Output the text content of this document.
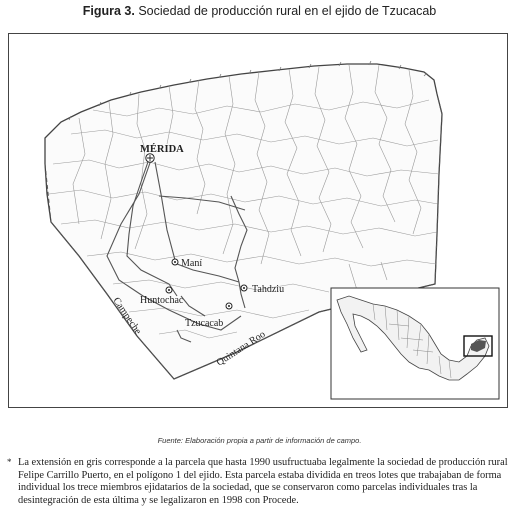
Figura 3. Sociedad de producción rural en el ejido de Tzucacab
MÉRIDA
Maní
Huntochac
Tahdziu
Tzucacab
Campeche
Quintana Roo
Fuente: Elaboración propia a partir de información de campo.
* La extensión en gris corresponde a la parcela que hasta 1990 usufructuaba legalmente la sociedad de producción rural Felipe Carrillo Puerto, en el polígono 1 del ejido. Esta parcela estaba dividida en treos lotes que trabajaban de forma individual los trece miembros ejidatarios de la sociedad, que se conservaron como parcelas individuales tras la desintegración de esta última y se legalizaron en 1998 con Procede.
